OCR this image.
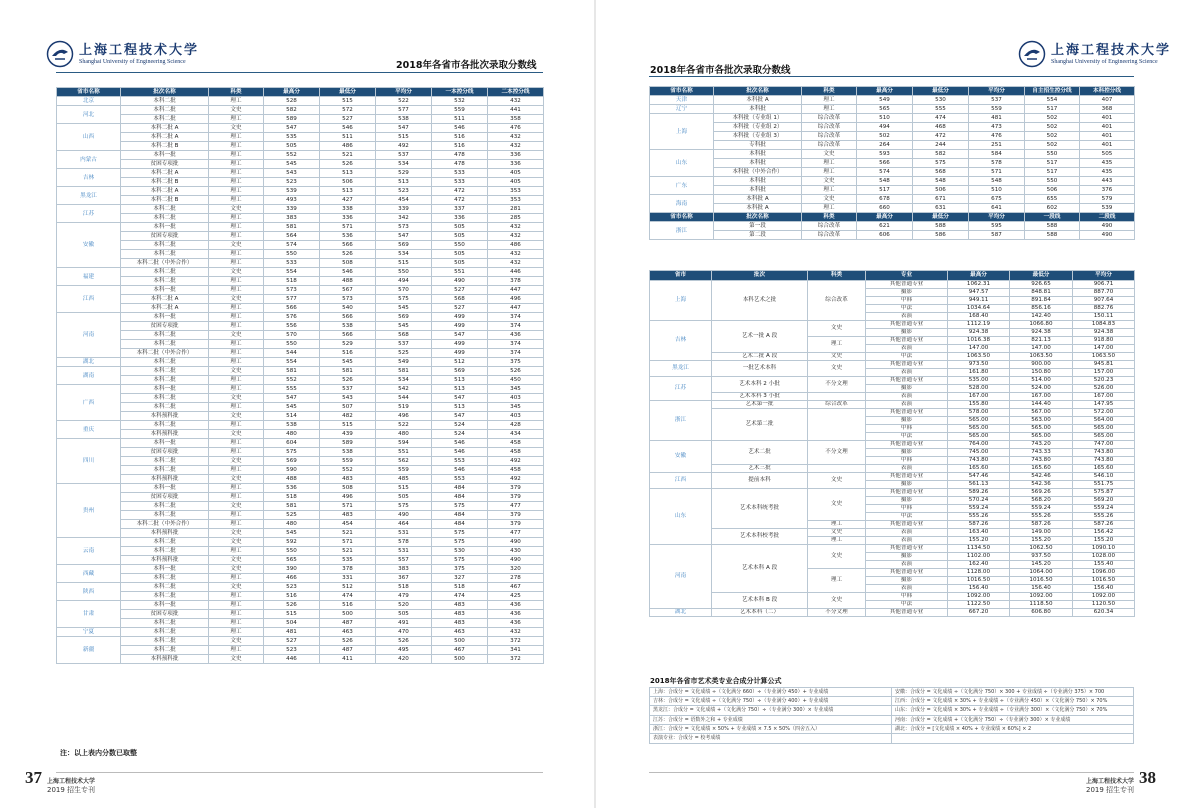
上海工程技术大学
Shanghai University of Engineering Science	2018年各省市各批次录取分数线
省市名称	批次名称	科类	最高分	最低分	平均分	一本控分线	二本控分线
北京	本科二批	理工	528	515	522	532	432
河北	本科二批	文史	582	572	577	559	441
	本科二批	理工	589	527	538	511	358
山西	本科二批 A	文史	547	546	547	546	476
	本科二批 A	理工	535	511	515	516	432
	本科二批 B	理工	505	486	492	516	432
内蒙古	本科一批	理工	552	521	537	478	336
	贫困专项批	理工	545	526	534	478	336
吉林	本科二批 A	理工	543	513	529	533	405
	本科二批 B	理工	523	506	513	533	405
黑龙江	本科二批 A	理工	539	513	523	472	353
	本科二批 B	理工	493	427	454	472	353
江苏	本科二批	文史	339	338	339	337	281
	本科二批	理工	383	336	342	336	285
安徽	本科一批	理工	581	571	573	505	432
	贫困专项批	理工	564	536	547	505	432
	本科二批	文史	574	566	569	550	486
	本科二批	理工	550	526	534	505	432
	本科二批（中外合作）	理工	533	508	515	505	432
福建	本科二批	文史	554	546	550	551	446
	本科二批	理工	518	488	494	490	378
江西	本科一批	理工	573	567	570	527	447
	本科二批 A	文史	577	573	575	568	496
	本科二批 A	理工	566	540	545	527	447
河南	本科一批	理工	576	566	569	499	374
	贫困专项批	理工	556	538	545	499	374
	本科二批	文史	570	566	568	547	436
	本科二批	理工	550	529	537	499	374
	本科二批（中外合作）	理工	544	516	525	499	374
湖北	本科二批	理工	554	545	549	512	375
湖南	本科二批	文史	581	581	581	569	526
	本科二批	理工	552	526	534	513	450
广西	本科一批	理工	555	537	542	513	345
	本科二批	文史	547	543	544	547	403
	本科二批	理工	545	507	519	513	345
	本科预科批	文史	514	482	496	547	403
重庆	本科二批	理工	538	515	522	524	428
	本科预科批	文史	480	439	480	524	434
四川	本科一批	理工	604	589	594	546	458
	贫困专项批	理工	575	538	551	546	458
	本科二批	文史	569	559	562	553	492
	本科二批	理工	590	552	559	546	458
	本科预科批	文史	488	483	485	553	492
贵州	本科一批	理工	536	508	515	484	379
	贫困专项批	理工	518	496	505	484	379
	本科二批	文史	581	571	575	575	477
	本科二批	理工	525	483	490	484	379
	本科二批（中外合作）	理工	480	454	464	484	379
	本科预科批	文史	545	521	531	575	477
云南	本科二批	文史	592	571	578	575	490
	本科二批	理工	550	521	531	530	430
	本科预科批	文史	565	535	557	575	490
西藏	本科一批	文史	390	378	383	375	320
	本科二批	理工	466	331	367	327	278
陕西	本科二批	文史	523	512	518	518	467
	本科二批	理工	516	474	479	474	425
甘肃	本科一批	理工	526	516	520	483	436
	贫困专项批	理工	515	500	505	483	436
	本科二批	理工	504	487	491	483	436
宁夏	本科二批	理工	481	463	470	463	432
新疆	本科二批	文史	527	526	526	500	372
	本科二批	理工	523	487	495	467	341
	本科预科批	文史	446	411	420	500	372
注：以上表内分数已取整
37 上海工程技术大学
2019 招生专刊
2018年各省市各批次录取分数线
上海工程技术大学
Shanghai University of Engineering Science
省市名称	批次名称	科类	最高分	最低分	平均分	自主招生控分线	本科控分线
天津	本科批 A	理工	549	530	537	554	407
辽宁	本科批	理工	565	555	559	517	368
上海	本科批（专业组 1）	综合改革	510	474	481	502	401
	本科批（专业组 2）	综合改革	494	468	473	502	401
	本科批（专业组 3）	综合改革	502	472	476	502	401
	专科批	综合改革	264	244	251	502	401
山东	本科批	文史	593	582	584	550	505
	本科批	理工	566	575	578	517	435
	本科批（中外合作）	理工	574	568	571	517	435
广东	本科批	文史	548	548	548	550	443
	本科批	理工	517	506	510	506	376
海南	本科批 A	文史	678	671	675	655	579
	本科批 A	理工	660	631	641	602	539
省市名称	批次名称	科类	最高分	最低分	平均分	一段线	二段线
浙江	第一段	综合改革	621	588	595	588	490
	第二段	综合改革	606	586	587	588	490
省市	批次	科类	专业	最高分	最低分	平均分
上海	本科艺术之批	综合改革	其他普通专业	1062.31	926.65	906.71
			摄影	947.57	848.81	887.70
			中韩	949.11	891.84	907.64
			中法	1034.64	856.16	882.76
			表演	168.40	142.40	150.11
吉林	艺术一批 A 段	文史	其他普通专业	1112.19	1066.80	1084.83
			摄影	924.38	924.38	924.38
		理工	其他普通专业	1016.38	821.13	918.80
			表演	147.00	147.00	147.00
	艺术二批 A 段	文史	中法	1063.50	1063.50	1063.50
黑龙江	一批艺术本科	文史	其他普通专业	973.50	900.00	945.81
			表演	161.80	150.80	157.00
江苏	艺术本科 2 小批	不分文理	其他普通专业	535.00	514.00	520.23
			摄影	528.00	524.00	526.00
	艺术本科 3 小批		表演	167.00	167.00	167.00
浙江	艺术第一批	综合改革	表演	155.80	144.40	147.95
	艺术第二批		其他普通专业	578.00	567.00	572.00
			摄影	565.00	563.00	564.00
			中韩	565.00	565.00	565.00
			中法	565.00	565.00	565.00
安徽	艺术二批	不分文理	其他普通专业	764.00	743.20	747.00
			摄影	745.00	743.33	743.80
			中韩	743.80	743.80	743.80
	艺术三批		表演	165.60	165.60	165.60
江西	提前本科	文史	其他普通专业	547.46	542.46	546.10
			摄影	561.13	542.36	551.75
山东	艺术本科统考批	文史	其他普通专业	589.26	569.26	575.87
			摄影	570.24	568.20	569.20
			中韩	559.24	559.24	559.24
			中法	555.26	555.26	555.26
		理工	其他普通专业	587.26	587.26	587.26
	艺术本科校考批	文史	表演	163.40	149.00	156.42
		理工	表演	155.20	155.20	155.20
河南	艺术本科 A 段	文史	其他普通专业	1134.50	1062.50	1090.10
			摄影	1102.00	937.50	1028.00
			表演	162.40	145.20	155.40
		理工	其他普通专业	1128.00	1064.00	1096.00
			摄影	1016.50	1016.50	1016.50
			表演	156.40	156.40	156.40
	艺术本科 B 段	文史	中韩	1092.00	1092.00	1092.00
			中法	1122.50	1118.50	1120.50
湖北	艺术本科（二）	不分文理	其他普通专业	667.20	606.80	620.34
2018年各省市艺术类专业合成分计算公式
上海：合成分 = 文化成绩 ÷（文化满分 660）÷（专业满分 450）+ 专业成绩	安徽：合成分 = 文化成绩 ÷（文化满分 750）× 300 + 专业成绩 ÷（专业满分 375）× 700
吉林：合成分 = 文化成绩 ÷（文化满分 750）÷（专业满分 400）+ 专业成绩	江西：合成分 = 文化成绩 × 30% + 专业成绩 ÷（专业满分 450）×（文化满分 750）× 70%
黑龙江：合成分 = 文化成绩 +（文化满分 750）÷（专业满分 300）× 专业成绩	山东：合成分 = 文化成绩 × 30% + 专业成绩 ÷（专业满分 300）×（文化满分 750）× 70%
江苏：合成分 = 语数外之和 + 专业成绩	河南：合成分 = 文化成绩 +（文化满分 750）÷（专业满分 300）× 专业成绩
浙江：合成分 = 文化成绩 × 50% + 专业成绩 × 7.5 × 50%（四舍五入）	湖北：合成分 = [文化成绩 × 40% + 专业成绩 × 60%] × 2
表演专业：合成分 = 校考成绩
上海工程技术大学
2019 招生专刊
38
